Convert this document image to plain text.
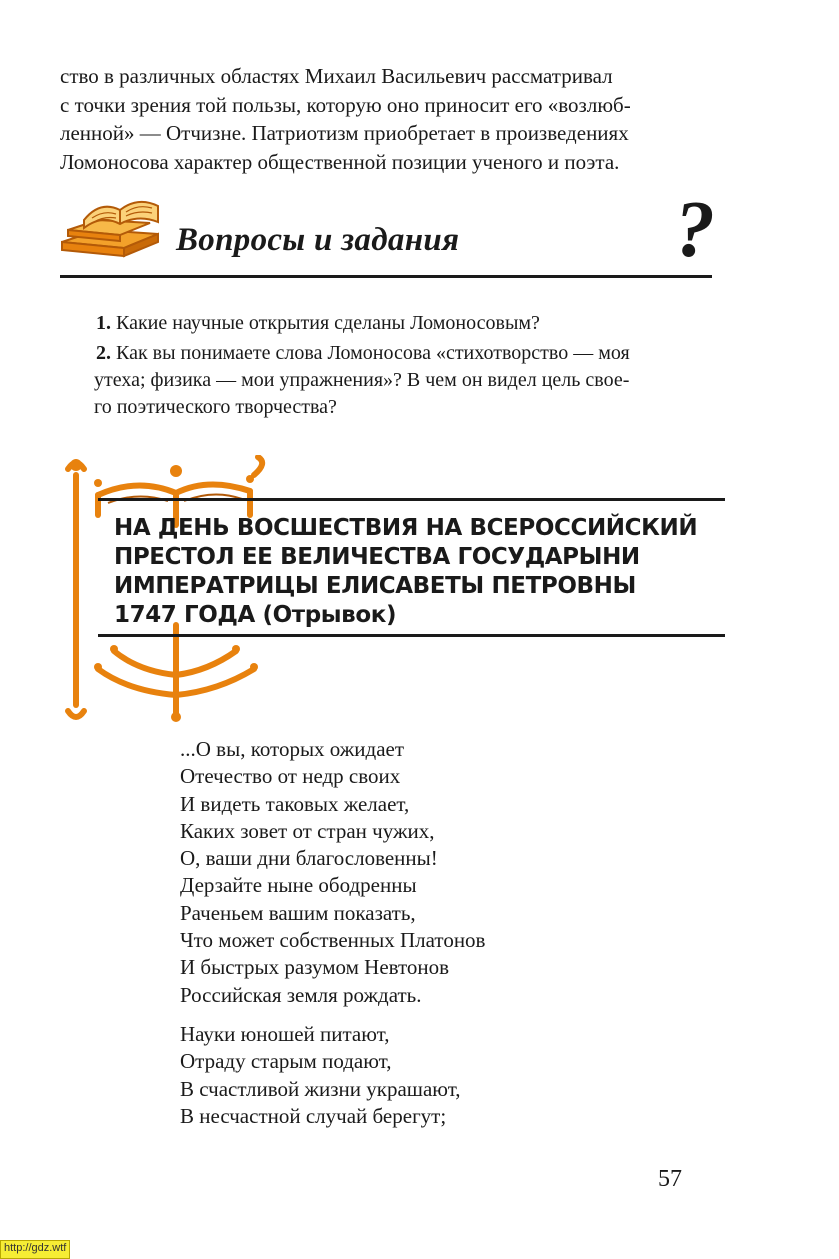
ство в различных областях Михаил Васильевич рассматривал
с точки зрения той пользы, которую оно приносит его «возлюб-
ленной» — Отчизне. Патриотизм приобретает в произведениях
Ломоносова характер общественной позиции ученого и поэта.
Вопросы и задания	?
1. Какие научные открытия сделаны Ломоносовым?
2. Как вы понимаете слова Ломоносова «стихотворство — моя
утеха; физика — мои упражнения»? В чем он видел цель свое-
го поэтического творчества?
НА ДЕНЬ ВОСШЕСТВИЯ НА ВСЕРОССИЙСКИЙ
ПРЕСТОЛ ЕЕ ВЕЛИЧЕСТВА ГОСУДАРЫНИ
ИМПЕРАТРИЦЫ ЕЛИСАВЕТЫ ПЕТРОВНЫ
1747 ГОДА (Отрывок)
...О вы, которых ожидает
Отечество от недр своих
И видеть таковых желает,
Каких зовет от стран чужих,
О, ваши дни благословенны!
Дерзайте ныне ободренны
Раченьем вашим показать,
Что может собственных Платонов
И быстрых разумом Невтонов
Российская земля рождать.
Науки юношей питают,
Отраду старым подают,
В счастливой жизни украшают,
В несчастной случай берегут;
57
http://gdz.wtf
